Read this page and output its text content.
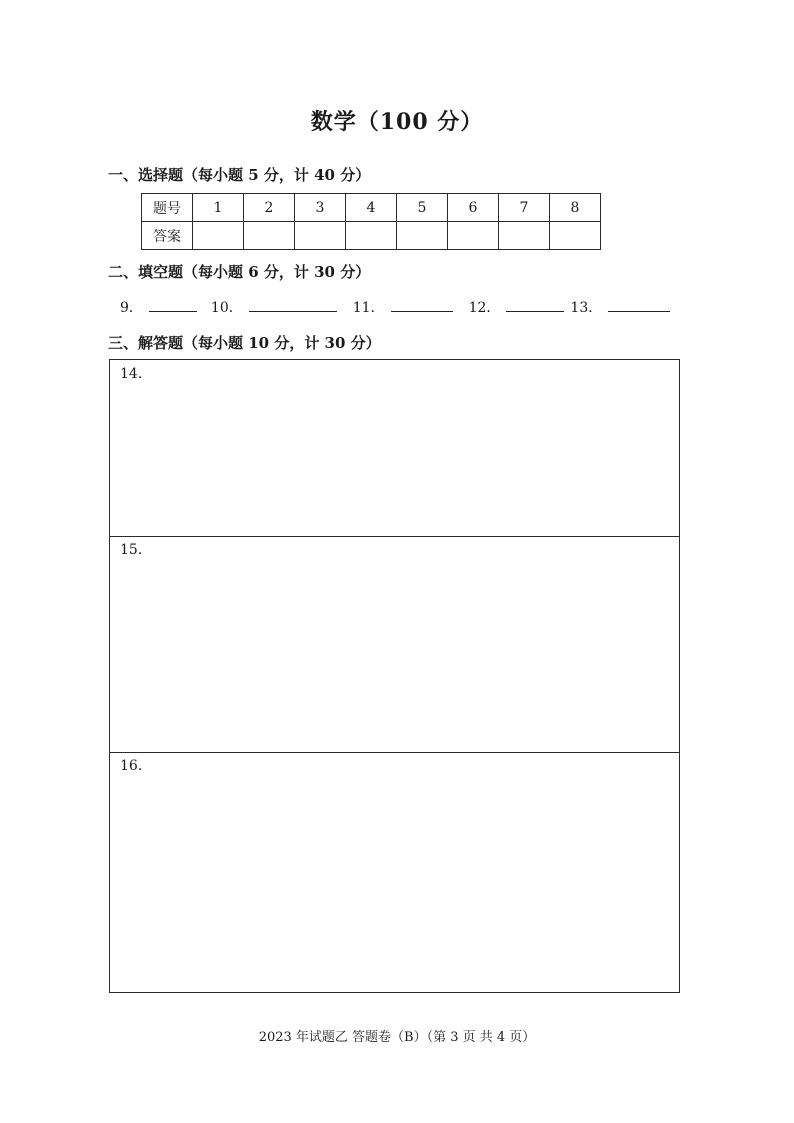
数学（100 分）
一、选择题（每小题 5 分，计 40 分）
题号	1	2	3	4	5	6	7	8
答案								
二、填空题（每小题 6 分，计 30 分）
9．	10．	11．	12．	13．
三、解答题（每小题 10 分，计 30 分）
14.
15.
16.
2023 年试题乙 答题卷（B）（第 3 页 共 4 页）
